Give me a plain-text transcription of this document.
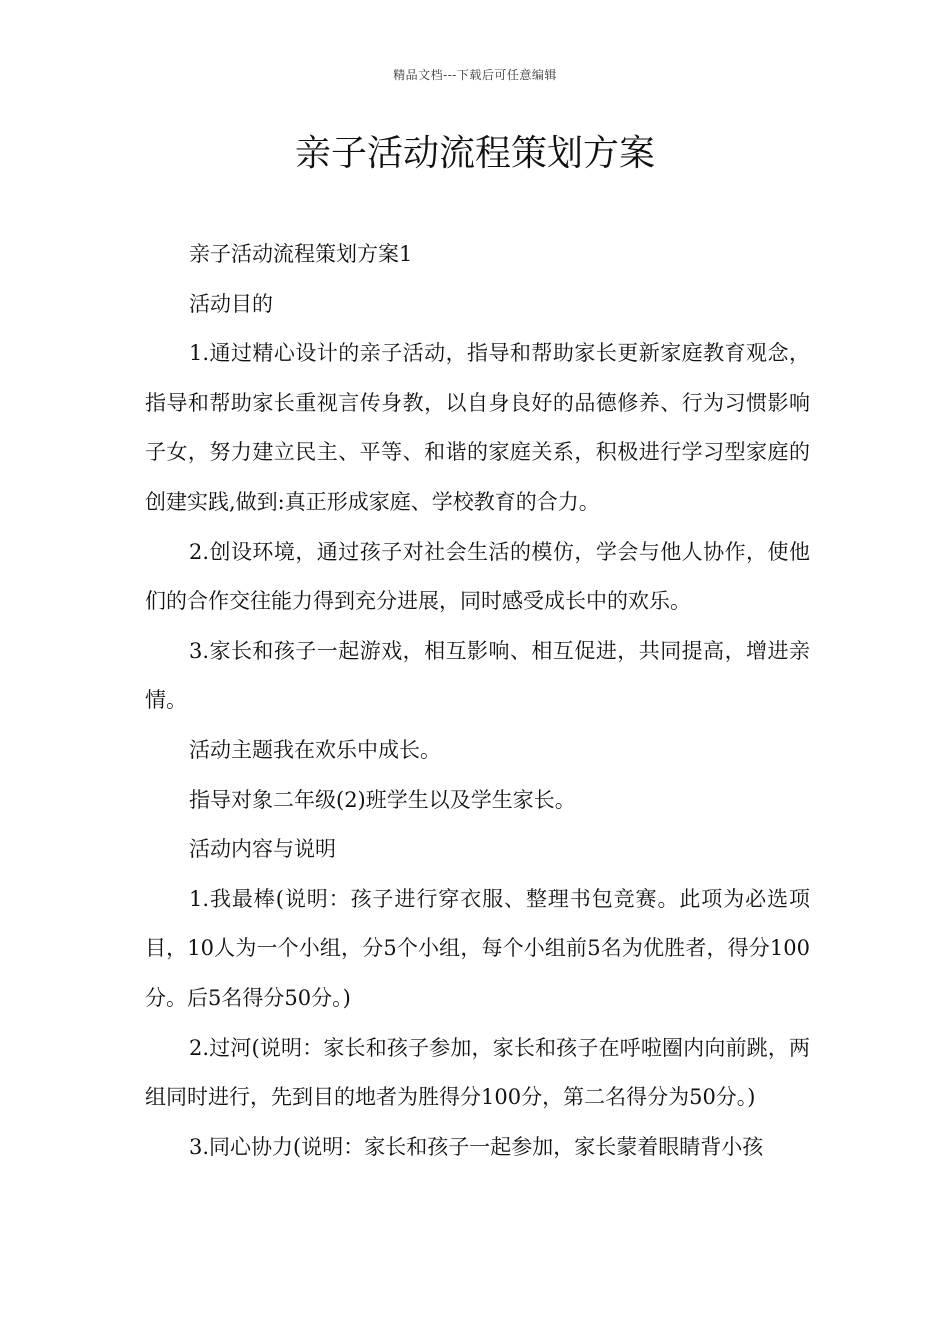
精品文档---下载后可任意编辑
亲子活动流程策划方案

亲子活动流程策划方案1

活动目的

1.通过精心设计的亲子活动，指导和帮助家长更新家庭教育观念，指导和帮助家长重视言传身教，以自身良好的品德修养、行为习惯影响子女，努力建立民主、平等、和谐的家庭关系，积极进行学习型家庭的创建实践,做到:真正形成家庭、学校教育的合力。

2.创设环境，通过孩子对社会生活的模仿，学会与他人协作，使他们的合作交往能力得到充分进展，同时感受成长中的欢乐。

3.家长和孩子一起游戏，相互影响、相互促进，共同提高，增进亲情。

活动主题我在欢乐中成长。

指导对象二年级(2)班学生以及学生家长。

活动内容与说明

1.我最棒(说明：孩子进行穿衣服、整理书包竞赛。此项为必选项目，10人为一个小组，分5个小组，每个小组前5名为优胜者，得分100分。后5名得分50分。)

2.过河(说明：家长和孩子参加，家长和孩子在呼啦圈内向前跳，两组同时进行，先到目的地者为胜得分100分，第二名得分为50分。)

3.同心协力(说明：家长和孩子一起参加，家长蒙着眼睛背小孩
